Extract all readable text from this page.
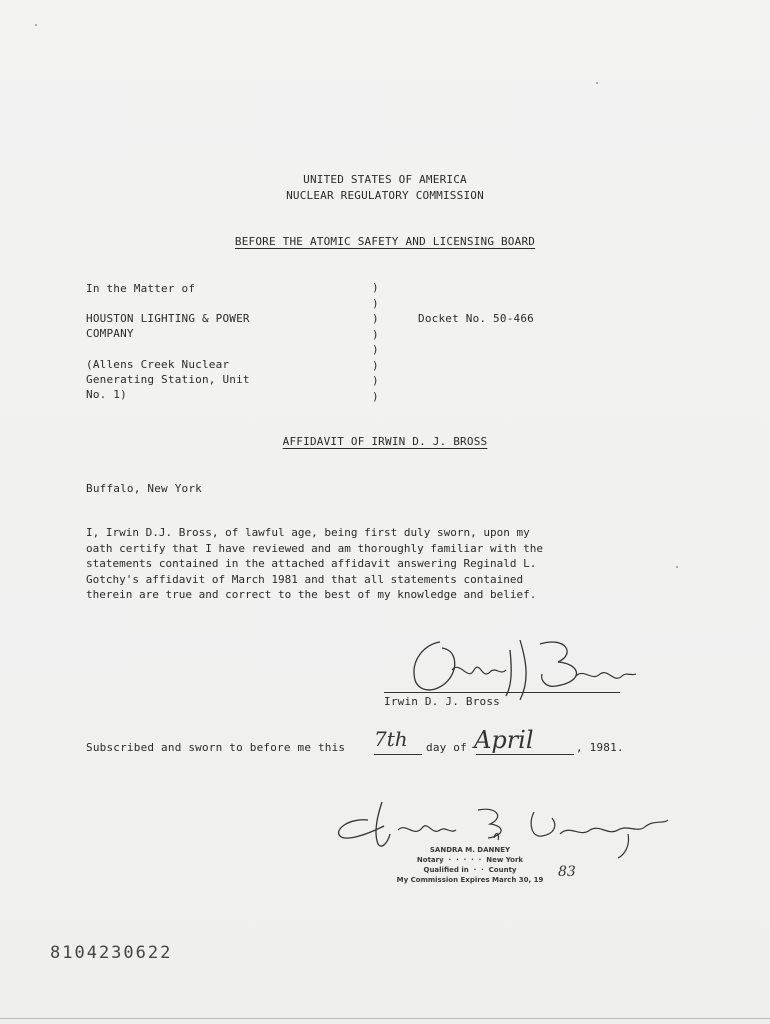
UNITED STATES OF AMERICA
NUCLEAR REGULATORY COMMISSION
BEFORE THE ATOMIC SAFETY AND LICENSING BOARD
In the Matter of
HOUSTON LIGHTING & POWER
COMPANY
(Allens Creek Nuclear
Generating Station, Unit
No. 1)
)
)
)
)
)
)
)
)
Docket No. 50-466
AFFIDAVIT OF IRWIN D. J. BROSS
Buffalo, New York
I, Irwin D.J. Bross, of lawful age, being first duly sworn, upon my
oath certify that I have reviewed and am thoroughly familiar with the
statements contained in the attached affidavit answering Reginald L.
Gotchy's affidavit of March 1981 and that all statements contained
therein are true and correct to the best of my knowledge and belief.
Irwin D. J. Bross
Subscribed and sworn to before me this	day of	, 1981.
7th	April
SANDRA M. DANNEY
Notary  ·  ·  ·  ·  ·  New York
Qualified in  ·  ·  County
My Commission Expires March 30, 19	83
8104230622
